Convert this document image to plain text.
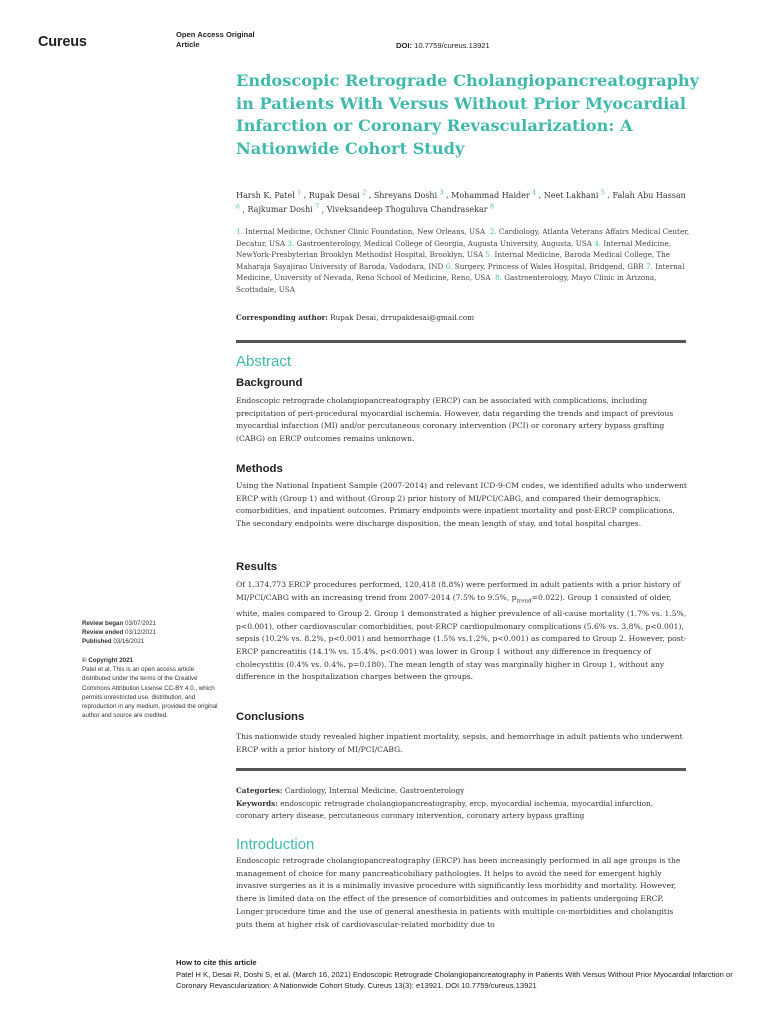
Cureus	Open Access Original
Article	DOI: 10.7759/cureus.13921
Endoscopic Retrograde Cholangiopancreatography in Patients With Versus Without Prior Myocardial Infarction or Coronary Revascularization: A Nationwide Cohort Study
Harsh K. Patel $^1$ , Rupak Desai $^2$ , Shreyans Doshi $^3$ , Mohammad Haider $^4$ , Neet Lakhani $^5$ , Falah Abu Hassan
$^6$ , Rajkumar Doshi $^7$ , Viveksandeep Thoguluva Chandrasekar $^8$
1. Internal Medicine, Ochsner Clinic Foundation, New Orleans, USA 2. Cardiology, Atlanta Veterans Affairs Medical Center, Decatur, USA 3. Gastroenterology, Medical College of Georgia, Augusta University, Augusta, USA 4. Internal Medicine, NewYork-Presbyterian Brooklyn Methodist Hospital, Brooklyn, USA 5. Internal Medicine, Baroda Medical College, The Maharaja Sayajirao University of Baroda, Vadodara, IND 6. Surgery, Princess of Wales Hospital, Bridgend, GBR 7. Internal Medicine, University of Nevada, Reno School of Medicine, Reno, USA 8. Gastroenterology, Mayo Clinic in Arizona, Scottsdale, USA
Corresponding author: Rupak Desai, drrupakdesai@gmail.com
Abstract
Background

Endoscopic retrograde cholangiopancreatography (ERCP) can be associated with complications, including precipitation of peri-procedural myocardial ischemia. However, data regarding the trends and impact of previous myocardial infarction (MI) and/or percutaneous coronary intervention (PCI) or coronary artery bypass grafting (CABG) on ERCP outcomes remains unknown.

Methods

Using the National Inpatient Sample (2007-2014) and relevant ICD-9-CM codes, we identified adults who underwent ERCP with (Group 1) and without (Group 2) prior history of MI/PCI/CABG, and compared their demographics, comorbidities, and inpatient outcomes. Primary endpoints were inpatient mortality and post-ERCP complications. The secondary endpoints were discharge disposition, the mean length of stay, and total hospital charges.

Results

Of 1,374,773 ERCP procedures performed, 120,418 (8.8%) were performed in adult patients with a prior history of MI/PCI/CABG with an increasing trend from 2007-2014 (7.5% to 9.5%, $p_{trend}=0.022$). Group 1 consisted of older, white, males compared to Group 2. Group 1 demonstrated a higher prevalence of all-cause mortality (1.7% vs. 1.5%, p<0.001), other cardiovascular comorbidities, post-ERCP cardiopulmonary complications (5.6% vs. 3.8%, p<0.001), sepsis (10.2% vs. 8.2%, p<0.001) and hemorrhage (1.5% vs.1.2%, p<0.001) as compared to Group 2. However, post-ERCP pancreatitis (14.1% vs. 15.4%, p<0.001) was lower in Group 1 without any difference in frequency of cholecystitis (0.4% vs. 0.4%, p=0.180). The mean length of stay was marginally higher in Group 1, without any difference in the hospitalization charges between the groups.

Conclusions

This nationwide study revealed higher inpatient mortality, sepsis, and hemorrhage in adult patients who underwent ERCP with a prior history of MI/PCI/CABG.

Review began 03/07/2021
Review ended 03/12/2021
Published 03/16/2021
© Copyright 2021
Patel et al. This is an open access article distributed under the terms of the Creative Commons Attribution License CC-BY 4.0., which permits unrestricted use, distribution, and reproduction in any medium, provided the original author and source are credited.
Categories: Cardiology, Internal Medicine, Gastroenterology
Keywords: endoscopic retrograde cholangiopancreatography, ercp, myocardial ischemia, myocardial infarction, coronary artery disease, percutaneous coronary intervention, coronary artery bypass grafting
Introduction

Endoscopic retrograde cholangiopancreatography (ERCP) has been increasingly performed in all age groups is the management of choice for many pancreaticobiliary pathologies. It helps to avoid the need for emergent highly invasive surgeries as it is a minimally invasive procedure with significantly less morbidity and mortality. However, there is limited data on the effect of the presence of comorbidities and outcomes in patients undergoing ERCP. Longer procedure time and the use of general anesthesia in patients with multiple co-morbidities and cholangitis puts them at higher risk of cardiovascular-related morbidity due to

How to cite this article
Patel H K, Desai R, Doshi S, et al. (March 16, 2021) Endoscopic Retrograde Cholangiopancreatography in Patients With Versus Without Prior Myocardial Infarction or Coronary Revascularization: A Nationwide Cohort Study. Cureus 13(3): e13921. DOI 10.7759/cureus.13921
